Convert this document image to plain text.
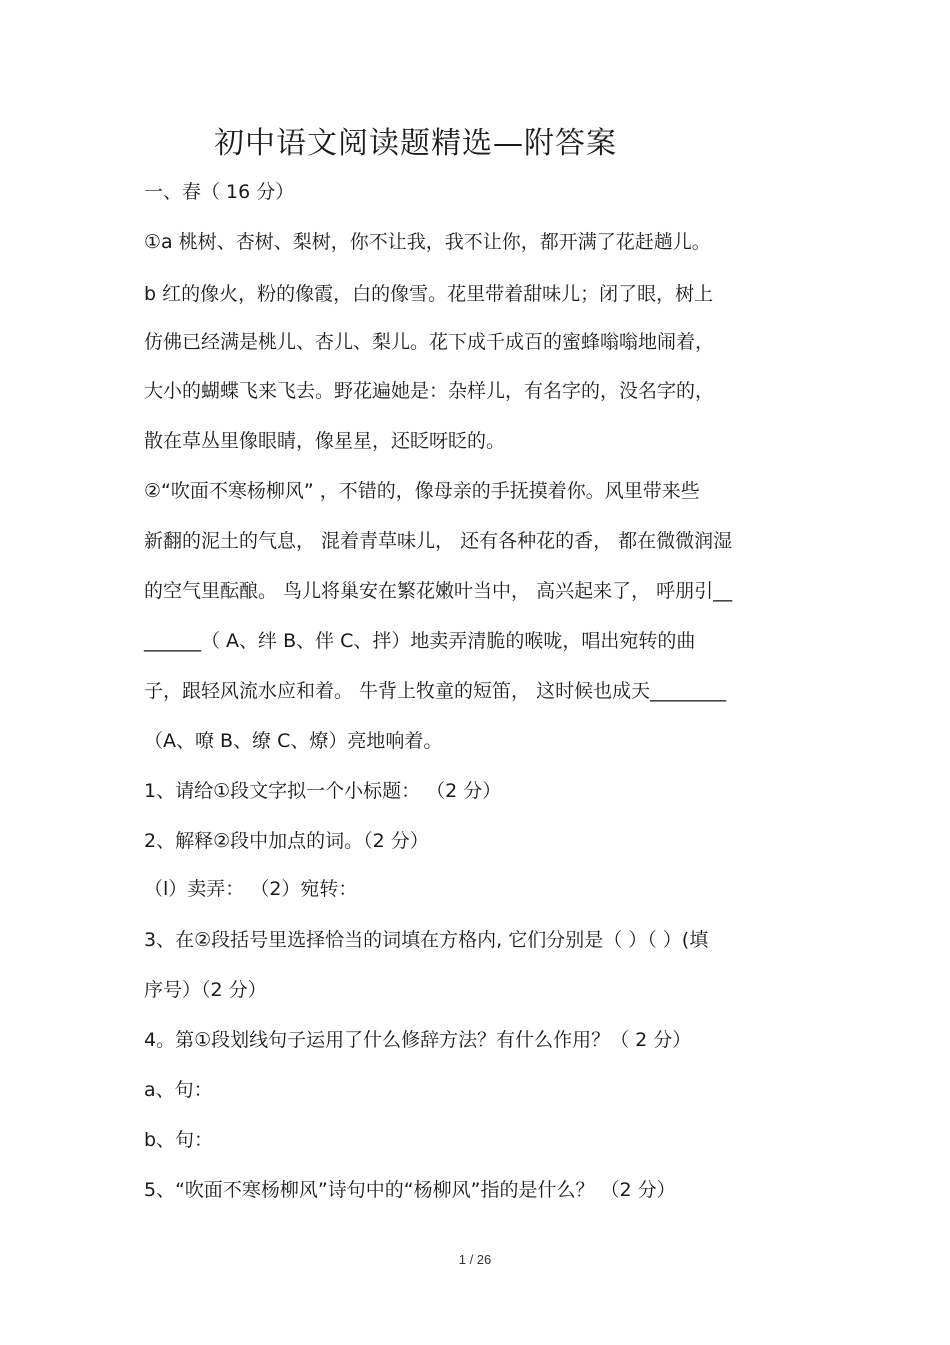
初中语文阅读题精选—附答案
一、春（ 16 分）
①a 桃树、杏树、梨树，你不让我，我不让你，都开满了花赶趟儿。
b 红的像火，粉的像霞，白的像雪。花里带着甜味儿；闭了眼，树上
仿佛已经满是桃儿、杏儿、梨儿。花下成千成百的蜜蜂嗡嗡地闹着，
大小的蝴蝶飞来飞去。野花遍她是：杂样儿，有名字的，没名字的，
散在草丛里像眼睛，像星星，还眨呀眨的。
②“吹面不寒杨柳风” ，不错的，像母亲的手抚摸着你。风里带来些
新翻的泥土的气息， 混着青草味儿， 还有各种花的香， 都在微微润湿
的空气里酝酿。 鸟儿将巢安在繁花嫩叶当中， 高兴起来了， 呼朋引__
______（ A、绊 B、伴 C、拌）地卖弄清脆的喉咙，唱出宛转的曲
子，跟轻风流水应和着。 牛背上牧童的短笛， 这时候也成天________
（A、嘹 B、缭 C、燎）亮地响着。
1、请给①段文字拟一个小标题： （2 分）
2、解释②段中加点的词。（2 分）
（l）卖弄： （2）宛转：
3、在②段括号里选择恰当的词填在方格内, 它们分别是（ ）（ ）(填
序号）（2 分）
4。第①段划线句子运用了什么修辞方法？有什么作用？（ 2 分）
a、句：
b、句：
5、“吹面不寒杨柳风”诗句中的“杨柳风”指的是什么？ （2 分）
1 / 26
